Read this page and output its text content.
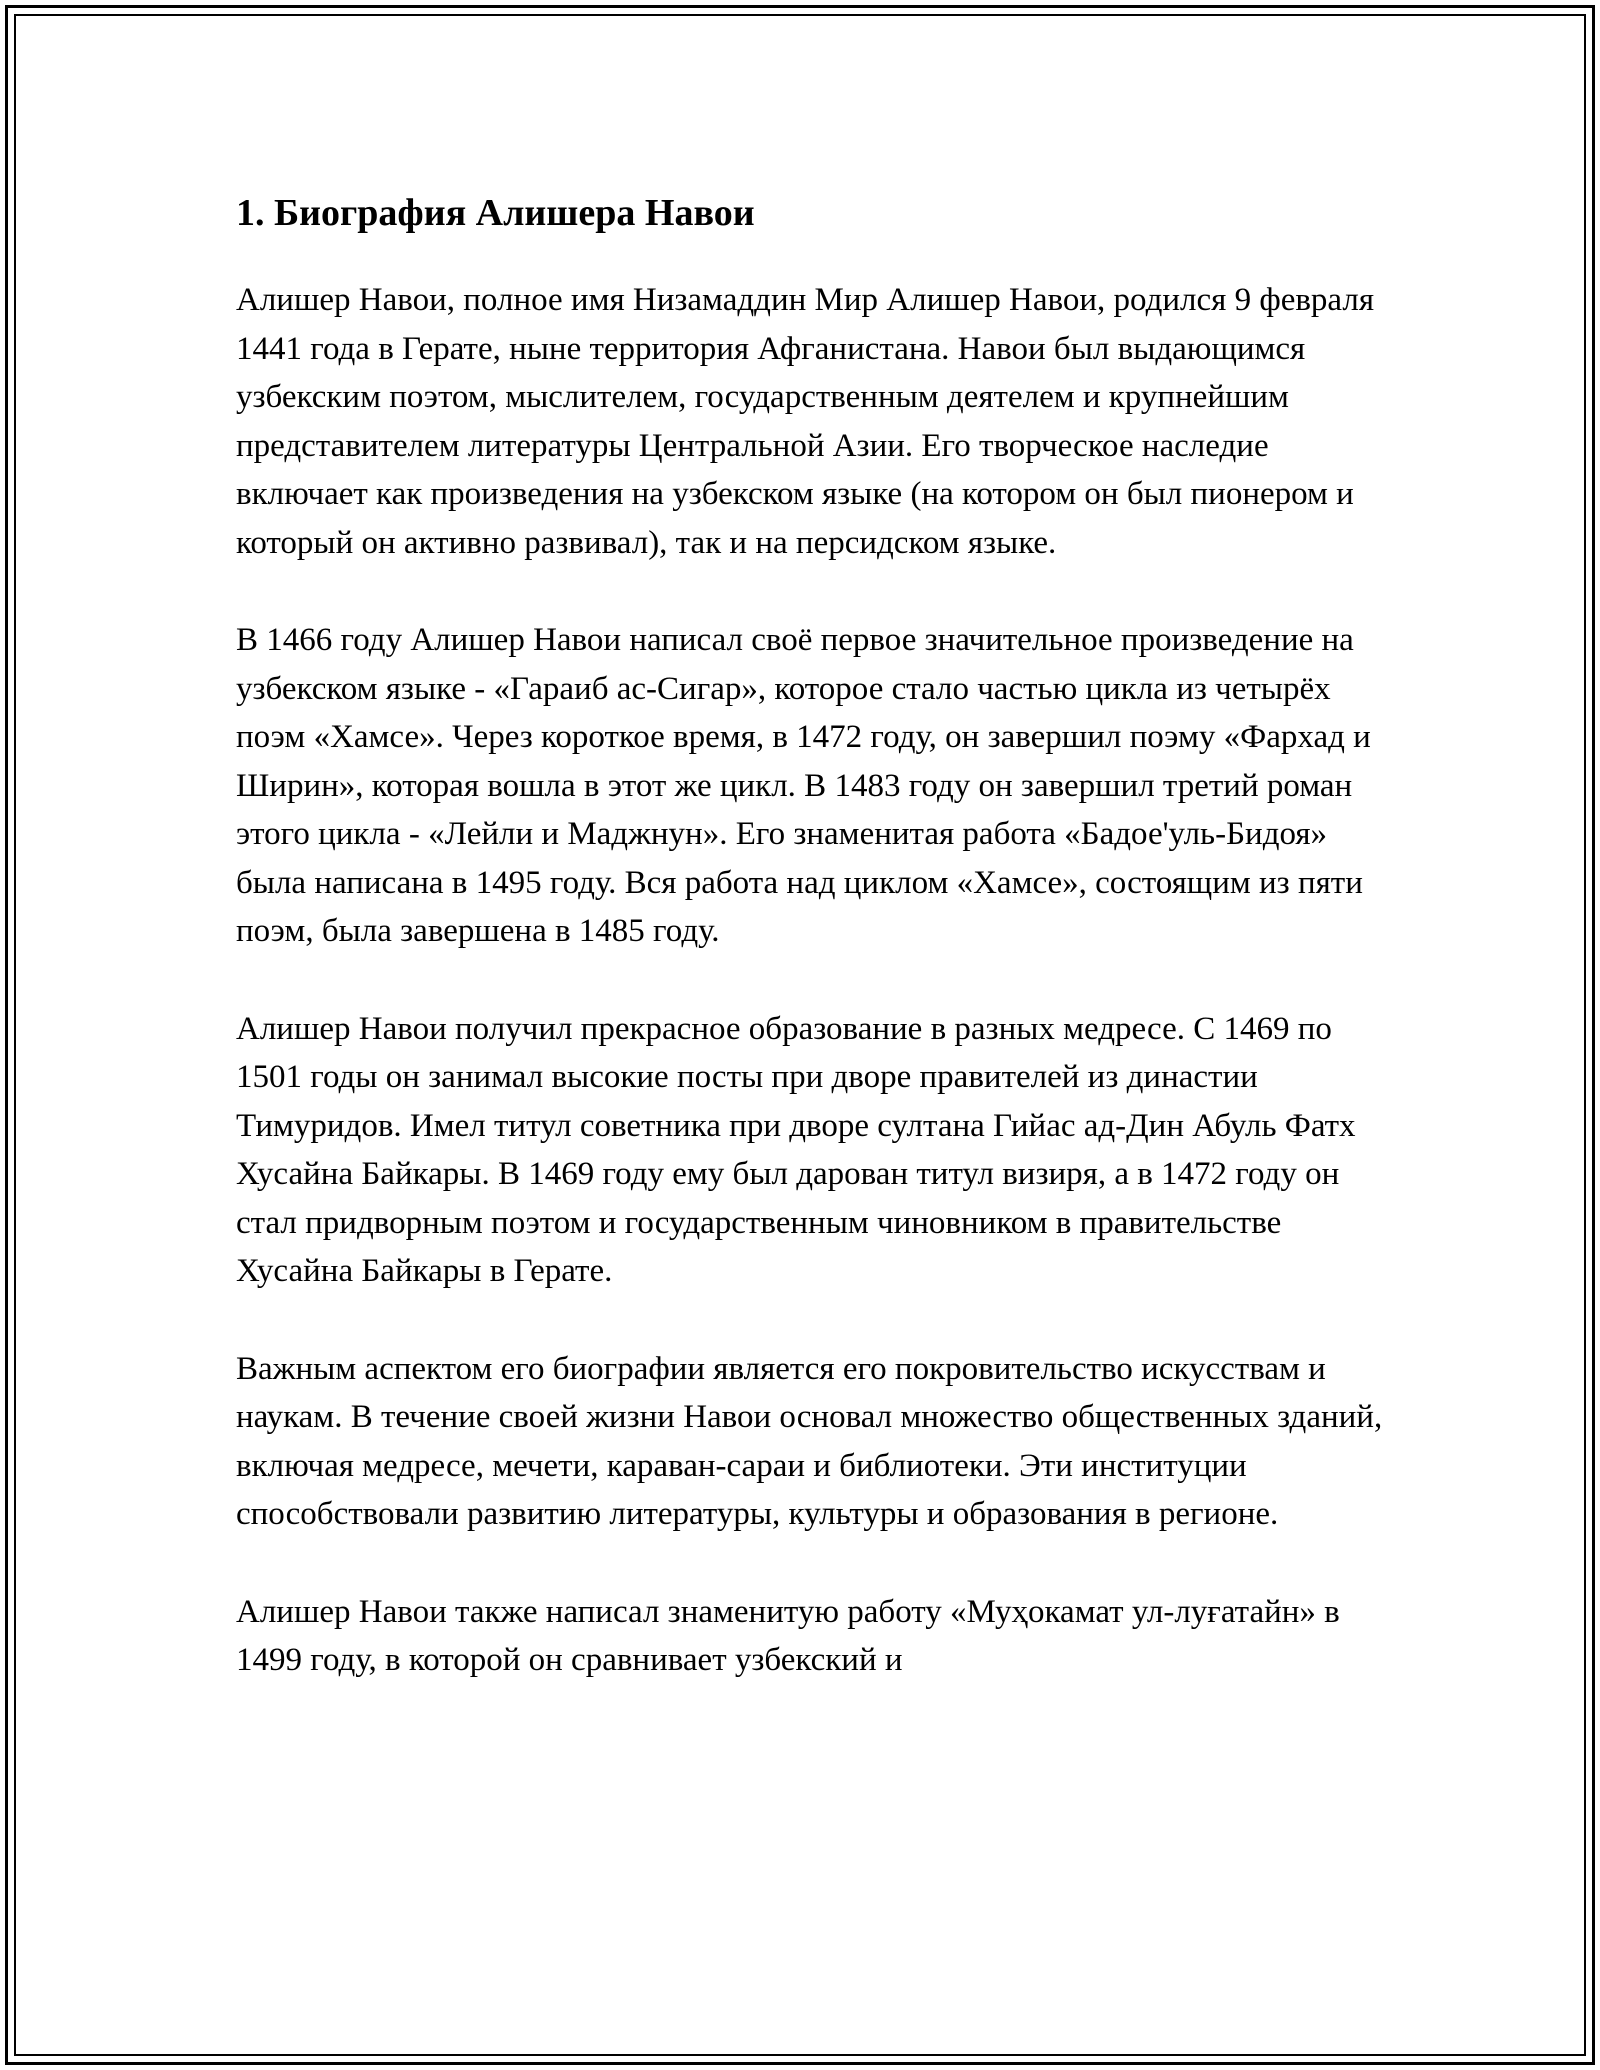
1. Биография Алишера Навои

Алишер Навои, полное имя Низамаддин Мир Алишер Навои, родился 9 февраля 1441 года в Герате, ныне территория Афганистана. Навои был выдающимся узбекским поэтом, мыслителем, государственным деятелем и крупнейшим представителем литературы Центральной Азии. Его творческое наследие включает как произведения на узбекском языке (на котором он был пионером и который он активно развивал), так и на персидском языке.

В 1466 году Алишер Навои написал своё первое значительное произведение на узбекском языке - «Гараиб ас-Сигар», которое стало частью цикла из четырёх поэм «Хамсе». Через короткое время, в 1472 году, он завершил поэму «Фархад и Ширин», которая вошла в этот же цикл. В 1483 году он завершил третий роман этого цикла - «Лейли и Маджнун». Его знаменитая работа «Бадое'уль-Бидоя» была написана в 1495 году. Вся работа над циклом «Хамсе», состоящим из пяти поэм, была завершена в 1485 году.

Алишер Навои получил прекрасное образование в разных медресе. С 1469 по 1501 годы он занимал высокие посты при дворе правителей из династии Тимуридов. Имел титул советника при дворе султана Гийас ад-Дин Абуль Фатх Хусайна Байкары. В 1469 году ему был дарован титул визиря, а в 1472 году он стал придворным поэтом и государственным чиновником в правительстве Хусайна Байкары в Герате.

Важным аспектом его биографии является его покровительство искусствам и наукам. В течение своей жизни Навои основал множество общественных зданий, включая медресе, мечети, караван-сараи и библиотеки. Эти институции способствовали развитию литературы, культуры и образования в регионе.

Алишер Навои также написал знаменитую работу «Муҳокамат ул-луғатайн» в 1499 году, в которой он сравнивает узбекский и
